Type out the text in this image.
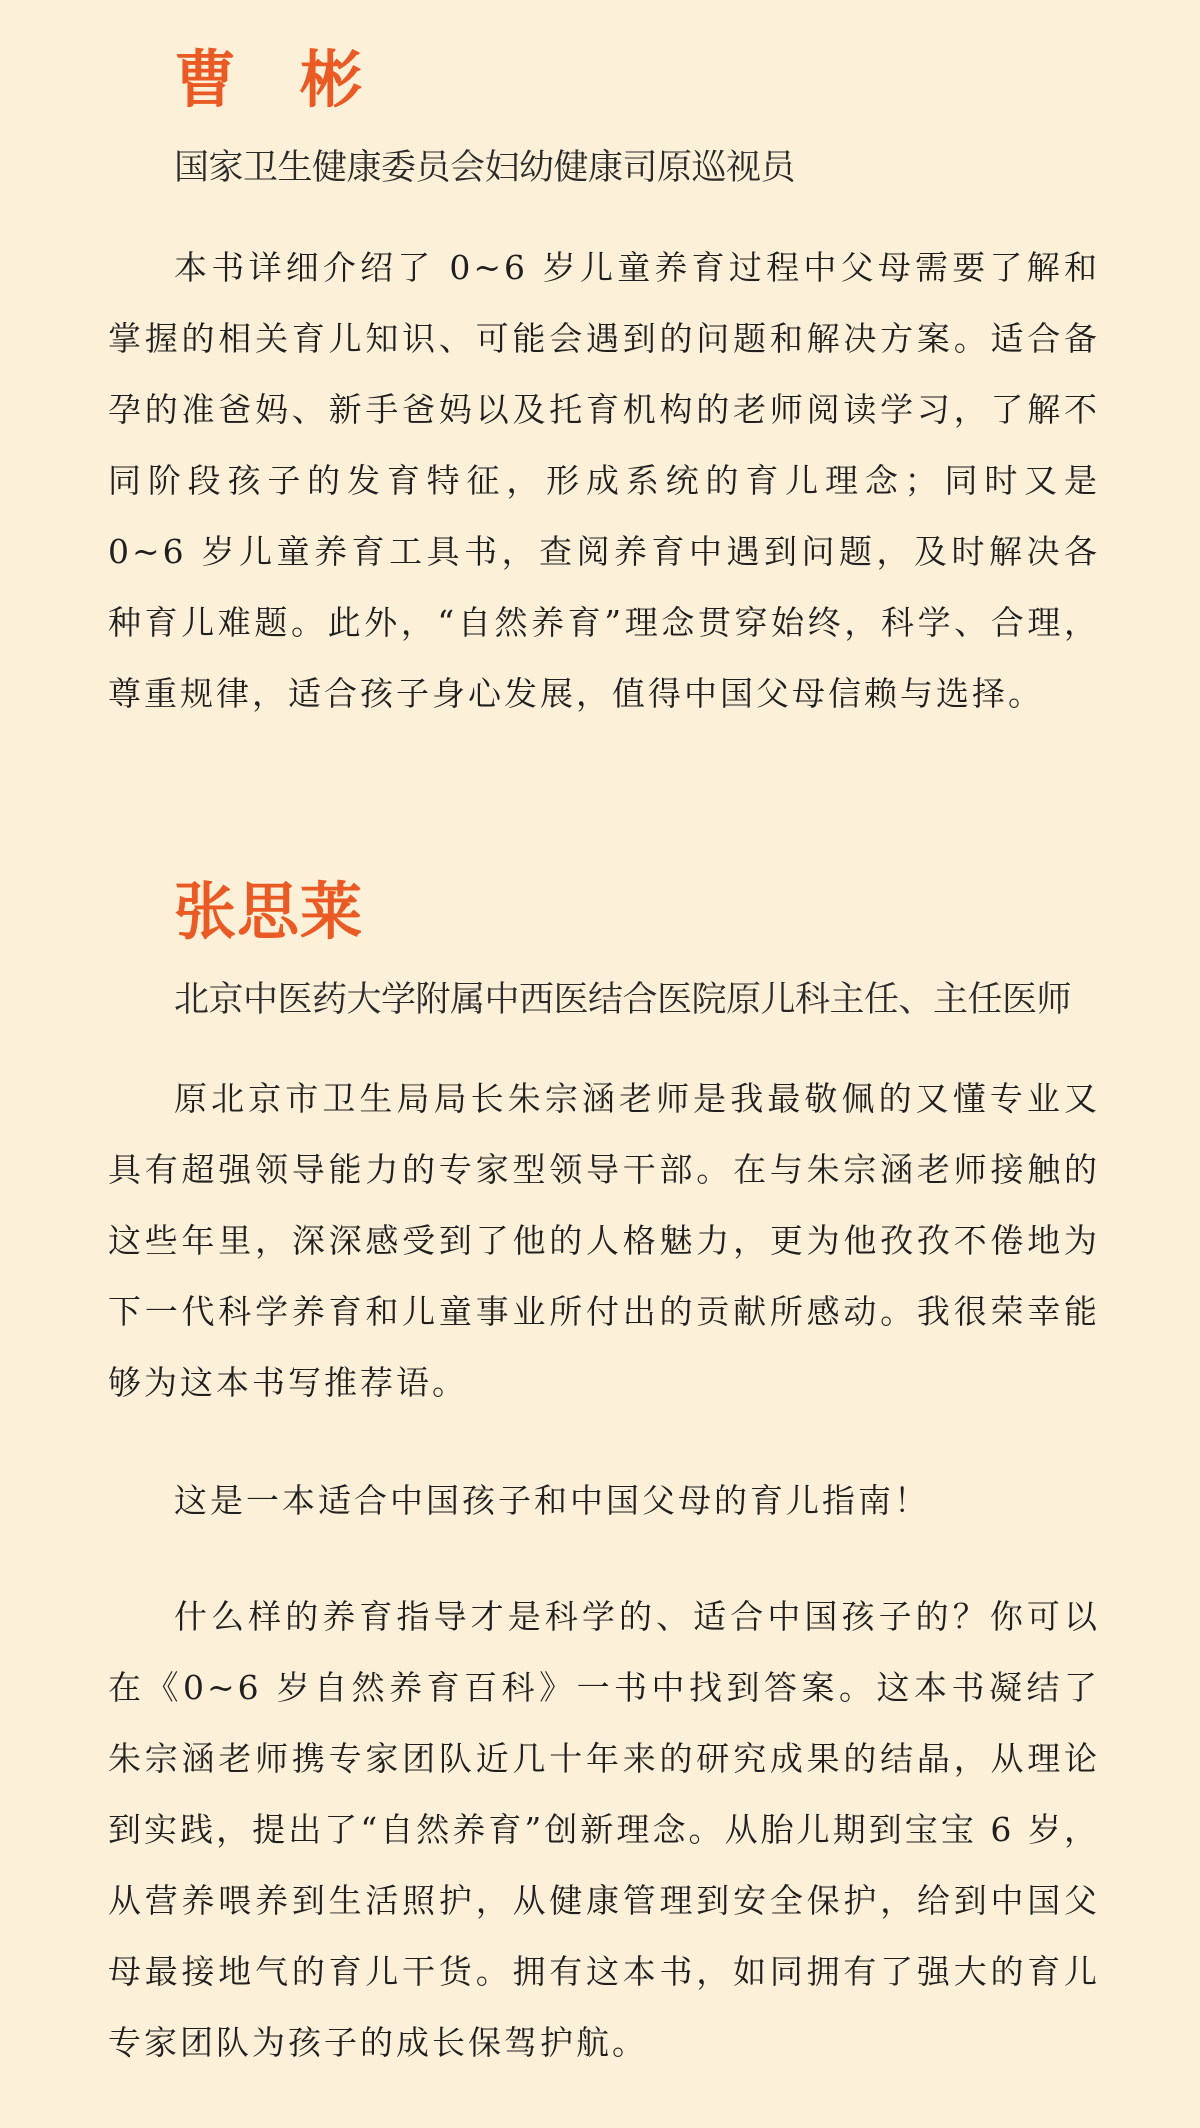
曹　彬

国家卫生健康委员会妇幼健康司原巡视员

本书详细介绍了 0~6 岁儿童养育过程中父母需要了解和掌握的相关育儿知识、可能会遇到的问题和解决方案。适合备孕的准爸妈、新手爸妈以及托育机构的老师阅读学习，了解不同阶段孩子的发育特征，形成系统的育儿理念；同时又是 0~6 岁儿童养育工具书，查阅养育中遇到问题，及时解决各种育儿难题。此外，“自然养育”理念贯穿始终，科学、合理，尊重规律，适合孩子身心发展，值得中国父母信赖与选择。

张思莱

北京中医药大学附属中西医结合医院原儿科主任、主任医师

原北京市卫生局局长朱宗涵老师是我最敬佩的又懂专业又具有超强领导能力的专家型领导干部。在与朱宗涵老师接触的这些年里，深深感受到了他的人格魅力，更为他孜孜不倦地为下一代科学养育和儿童事业所付出的贡献所感动。我很荣幸能够为这本书写推荐语。

这是一本适合中国孩子和中国父母的育儿指南！

什么样的养育指导才是科学的、适合中国孩子的？你可以在《0~6 岁自然养育百科》一书中找到答案。这本书凝结了朱宗涵老师携专家团队近几十年来的研究成果的结晶，从理论到实践，提出了“自然养育”创新理念。从胎儿期到宝宝 6 岁，从营养喂养到生活照护，从健康管理到安全保护，给到中国父母最接地气的育儿干货。拥有这本书，如同拥有了强大的育儿专家团队为孩子的成长保驾护航。
